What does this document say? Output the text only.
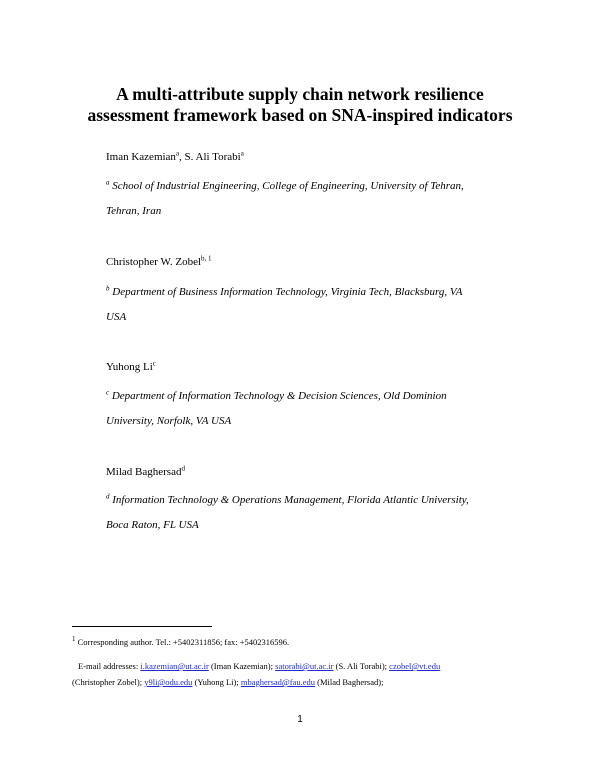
A multi-attribute supply chain network resilience
assessment framework based on SNA-inspired indicators
Iman Kazemian$^a$, S. Ali Torabi$^a$
$^a$ School of Industrial Engineering, College of Engineering, University of Tehran,
Tehran, Iran
Christopher W. Zobel$^{b, 1}$
$^b$ Department of Business Information Technology, Virginia Tech, Blacksburg, VA
USA
Yuhong Li$^c$
$^c$ Department of Information Technology & Decision Sciences, Old Dominion
University, Norfolk, VA USA
Milad Baghersad$^d$
$^d$ Information Technology & Operations Management, Florida Atlantic University,
Boca Raton, FL USA
$^1$ Corresponding author. Tel.: +5402311856; fax: +5402316596.
E-mail addresses: i.kazemian@ut.ac.ir (Iman Kazemian); satorabi@ut.ac.ir (S. Ali Torabi); czobel@vt.edu
(Christopher Zobel); y9li@odu.edu (Yuhong Li); mbaghersad@fau.edu (Milad Baghersad);
1
